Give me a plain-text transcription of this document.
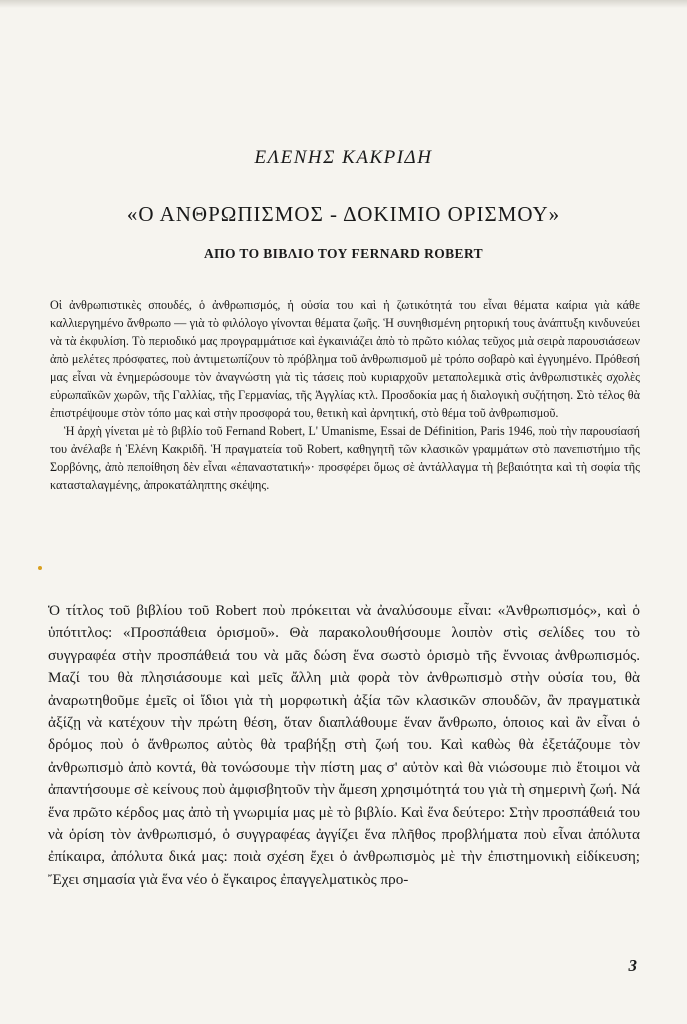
ΕΛΕΝΗΣ ΚΑΚΡΙΔΗ
«Ο ΑΝΘΡΩΠΙΣΜΟΣ - ΔΟΚΙΜΙΟ ΟΡΙΣΜΟΥ»
ΑΠΟ ΤΟ ΒΙΒΛΙΟ ΤΟΥ FERNARD ROBERT

Οἱ ἀνθρωπιστικὲς σπουδές, ὁ ἀνθρωπισμός, ἡ οὐσία του καὶ ἡ ζωτικότητά του εἶναι θέματα καίρια γιὰ κάθε καλλιεργημένο ἄνθρωπο — γιὰ τὸ φιλόλογο γίνονται θέματα ζωῆς. Ἡ συνηθισμένη ρητορική τους ἀνάπτυξη κινδυνεύει νὰ τὰ ἐκφυλίση. Τὸ περιοδικό μας προγραμμάτισε καὶ ἐγκαινιάζει ἀπὸ τὸ πρῶτο κιόλας τεῦχος μιὰ σειρὰ παρουσιάσεων ἀπὸ μελέτες πρόσφατες, ποὺ ἀντιμετωπίζουν τὸ πρόβλημα τοῦ ἀνθρωπισμοῦ μὲ τρόπο σοβαρὸ καὶ ἐγγυημένο. Πρόθεσή μας εἶναι νὰ ἐνημερώσουμε τὸν ἀναγνώστη γιὰ τὶς τάσεις ποὺ κυριαρχοῦν μεταπολεμικὰ στὶς ἀνθρωπιστικὲς σχολὲς εὐρωπαϊκῶν χωρῶν, τῆς Γαλλίας, τῆς Γερμανίας, τῆς Ἀγγλίας κτλ. Προσδοκία μας ἡ διαλογικὴ συζήτηση. Στὸ τέλος θὰ ἐπιστρέψουμε στὸν τόπο μας καὶ στὴν προσφορά του, θετικὴ καὶ ἀρνητική, στὸ θέμα τοῦ ἀνθρωπισμοῦ.

Ἡ ἀρχὴ γίνεται μὲ τὸ βιβλίο τοῦ Fernand Robert, L' Umanisme, Essai de Définition, Paris 1946, ποὺ τὴν παρουσίασή του ἀνέλαβε ἡ Ἑλένη Κακριδῆ. Ἡ πραγματεία τοῦ Robert, καθηγητῆ τῶν κλασικῶν γραμμάτων στὸ πανεπιστήμιο τῆς Σορβόνης, ἀπὸ πεποίθηση δὲν εἶναι «ἐπαναστατική»· προσφέρει ὅμως σὲ ἀντάλλαγμα τὴ βεβαιότητα καὶ τὴ σοφία τῆς κατασταλαγμένης, ἀπροκατάληπτης σκέψης.

Ὁ τίτλος τοῦ βιβλίου τοῦ Robert ποὺ πρόκειται νὰ ἀναλύσουμε εἶναι: «Ἀνθρωπισμός», καὶ ὁ ὑπότιτλος: «Προσπάθεια ὁρισμοῦ». Θὰ παρακολουθήσουμε λοιπὸν στὶς σελίδες του τὸ συγγραφέα στὴν προσπάθειά του νὰ μᾶς δώση ἕνα σωστὸ ὁρισμὸ τῆς ἔννοιας ἀνθρωπισμός. Μαζί του θὰ πλησιάσουμε καὶ μεῖς ἄλλη μιὰ φορὰ τὸν ἀνθρωπισμὸ στὴν οὐσία του, θὰ ἀναρωτηθοῦμε ἐμεῖς οἱ ἴδιοι γιὰ τὴ μορφωτικὴ ἀξία τῶν κλασικῶν σπουδῶν, ἂν πραγματικὰ ἀξίζῃ νὰ κατέχουν τὴν πρώτη θέση, ὅταν διαπλάθουμε ἕναν ἄνθρωπο, ὁποιος καὶ ἂν εἶναι ὁ δρόμος ποὺ ὁ ἄνθρωπος αὐτὸς θὰ τραβήξῃ στὴ ζωή του. Καὶ καθὼς θὰ ἐξετάζουμε τὸν ἀνθρωπισμὸ ἀπὸ κοντά, θὰ τονώσουμε τὴν πίστη μας σ' αὐτὸν καὶ θὰ νιώσουμε πιὸ ἕτοιμοι νὰ ἀπαντήσουμε σὲ κείνους ποὺ ἀμφισβητοῦν τὴν ἄμεση χρησιμότητά του γιὰ τὴ σημερινὴ ζωή. Νά ἕνα πρῶτο κέρδος μας ἀπὸ τὴ γνωριμία μας μὲ τὸ βιβλίο. Καὶ ἕνα δεύτερο: Στὴν προσπάθειά του νὰ ὁρίση τὸν ἀνθρωπισμό, ὁ συγγραφέας ἀγγίζει ἕνα πλῆθος προβλήματα ποὺ εἶναι ἀπόλυτα ἐπίκαιρα, ἀπόλυτα δικά μας: ποιὰ σχέση ἔχει ὁ ἀνθρωπισμὸς μὲ τὴν ἐπιστημονικὴ εἰδίκευση; Ἔχει σημασία γιὰ ἕνα νέο ὁ ἔγκαιρος ἐπαγγελματικὸς προ-

3
